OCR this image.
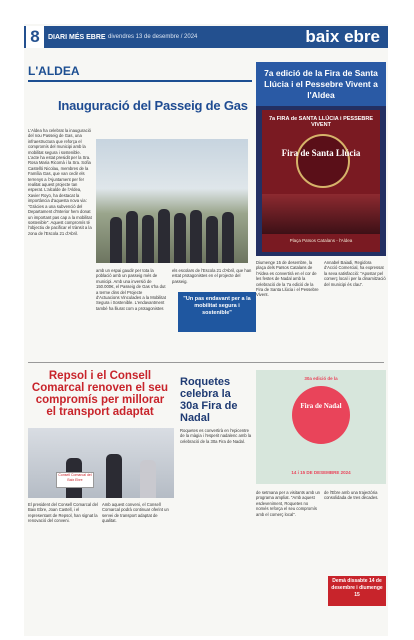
8	DIARI MÉS EBRE divendres 13 de desembre / 2024	baix ebre
L'ALDEA
Inauguració del Passeig de Gas
L'Aldea ha celebrat la inauguració del nou Passeig de Gas, una infraestructura que reforça el compromís del municipi amb la mobilitat segura i sostenible. L'acte ha estat presidit per la Sra. Rosa Maria Ricomà i la Sra. Sofia Castelló Nicolau, membres de la Família Gas, que van cedir els terrenys a l'Ajuntament per fer realitat aquest projecte tan esperat. L'alcalde de l'Aldea, Xavier Royo, ha destacat la importància d'aquesta nova via: "Gràcies a una subvenció del Departament d'Interior hem donat un important pas cap a la mobilitat sostenible". Aquest compromís té l'objectiu de pacificar el trànsit a la zona de l'Escola 21 d'Abril.
amb un espai gaudir per tota la població amb un passeig més de municipi. Amb una inversió de 150.000€, el Passeig de Gas s'ha dut a terme dins del Projecte d'Actuacions Vinculades a la Mobilitat Segura i Sostenible. L'endavantment també ha lliurat com a protagonistes
els escolars de l'Escola 21 d'Abril, que han estat protagonistes en el projecte del passeig.
"Un pas endavant per a la mobilitat segura i sostenible"
7a edició de la Fira de Santa Llúcia i el Pessebre Vivent a l'Aldea
7a FIRA de SANTA LLÚCIA i PESSEBRE VIVENT
Fira de Santa Llúcia
Plaça Països Catalans - l'Aldea
Diumenge 15 de desembre, la plaça dels Països Catalans de l'Aldea es convertirà en el cor de les festes de Nadal amb la celebració de la 7a edició de la Fira de Santa Llúcia i el Pessebre Vivent.
Annabel Baiadi, Regidora d'Acció Comercial, ha expressat la seva satisfacció: "Apostar pel comerç local i per la dinamització del municipi és clau".
Repsol i el Consell Comarcal renoven el seu compromís per millorar el transport adaptat
Consell Comarcal del Baix Ebre
El president del Consell Comarcal del Baix Ebre, Joan Castell, i el representant de Repsol, han signat la renovació del conveni.
Amb aquest conveni, el Consell Comarcal podrà continuar oferint un servei de transport adaptat de qualitat.
Roquetes celebra la 30a Fira de Nadal
Roquetes es convertirà en l'epicentre de la màgia i l'esperit nadalenc amb la celebració de la 30a Fira de Nadal.
30a edició de la
Fira de Nadal
14 i 15 DE DESEMBRE 2024
de setmana per a visitants amb un programa ampliat. "Amb aquest esdeveniment, Roquetes no només reforça el seu compromís amb el comerç local".
de l'Ebre amb una trajectòria consolidada de tres dècades.
Demà dissabte 14 de desembre i diumenge 15
